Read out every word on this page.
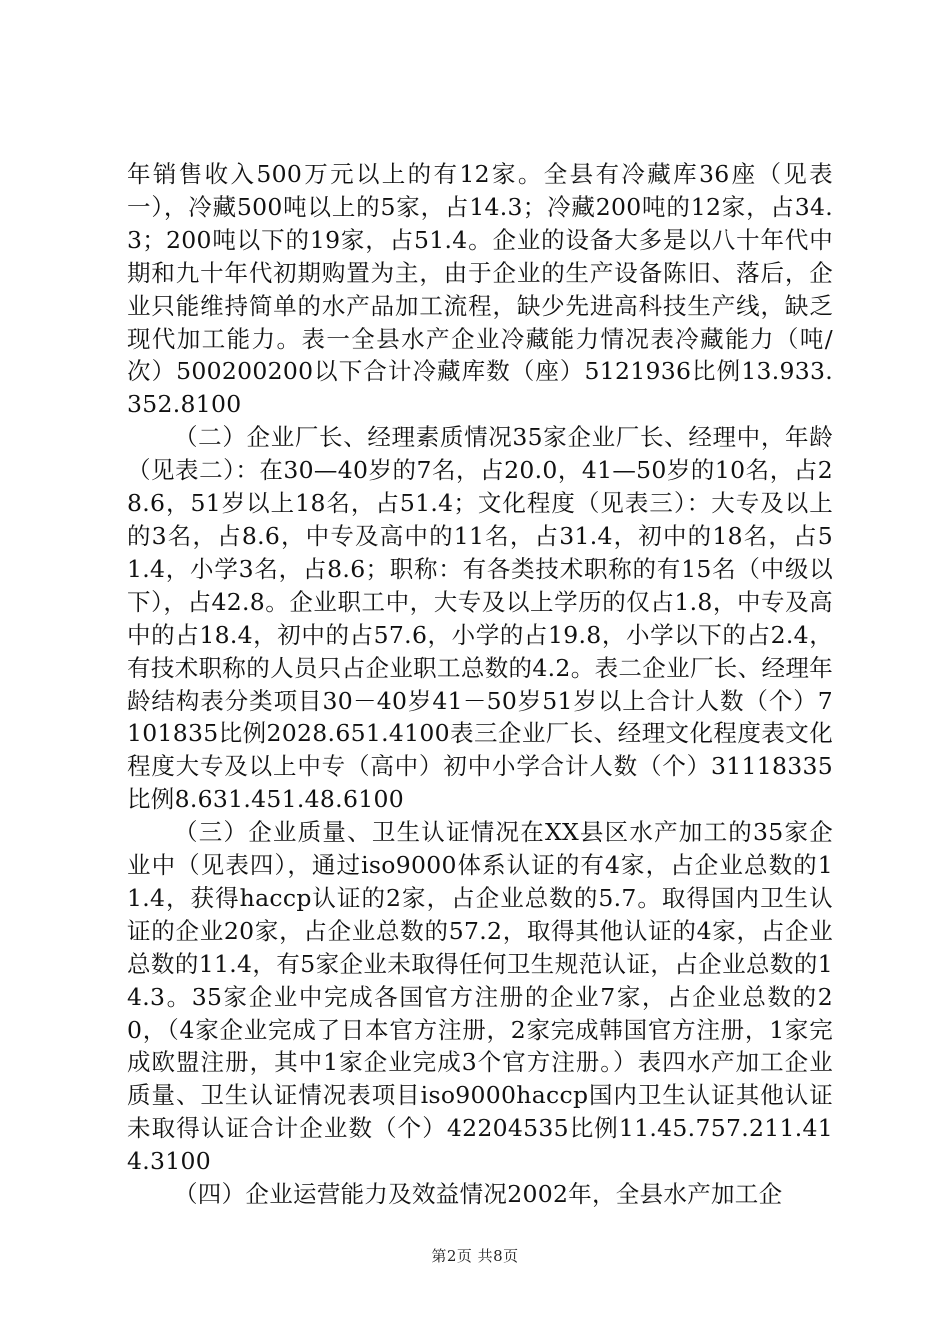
年销售收入500万元以上的有12家。全县有冷藏库36座（见表一），冷藏500吨以上的5家，占14.3；冷藏200吨的12家，占34.3；200吨以下的19家，占51.4。企业的设备大多是以八十年代中期和九十年代初期购置为主，由于企业的生产设备陈旧、落后，企业只能维持简单的水产品加工流程，缺少先进高科技生产线，缺乏现代加工能力。表一全县水产企业冷藏能力情况表冷藏能力（吨/次）500200200以下合计冷藏库数（座）5121936比例13.933.352.8100

（二）企业厂长、经理素质情况35家企业厂长、经理中，年龄（见表二）：在30—40岁的7名，占20.0，41—50岁的10名，占28.6，51岁以上18名，占51.4；文化程度（见表三）：大专及以上的3名，占8.6，中专及高中的11名，占31.4，初中的18名，占51.4，小学3名，占8.6；职称：有各类技术职称的有15名（中级以下），占42.8。企业职工中，大专及以上学历的仅占1.8，中专及高中的占18.4，初中的占57.6，小学的占19.8，小学以下的占2.4，有技术职称的人员只占企业职工总数的4.2。表二企业厂长、经理年龄结构表分类项目30－40岁41－50岁51岁以上合计人数（个）7101835比例2028.651.4100表三企业厂长、经理文化程度表文化程度大专及以上中专（高中）初中小学合计人数（个）31118335比例8.631.451.48.6100

（三）企业质量、卫生认证情况在XX县区水产加工的35家企业中（见表四），通过iso9000体系认证的有4家，占企业总数的11.4，获得haccp认证的2家，占企业总数的5.7。取得国内卫生认证的企业20家，占企业总数的57.2，取得其他认证的4家，占企业总数的11.4，有5家企业未取得任何卫生规范认证，占企业总数的14.3。35家企业中完成各国官方注册的企业7家，占企业总数的20，（4家企业完成了日本官方注册，2家完成韩国官方注册，1家完成欧盟注册，其中1家企业完成3个官方注册。）表四水产加工企业质量、卫生认证情况表项目iso9000haccp国内卫生认证其他认证未取得认证合计企业数（个）42204535比例11.45.757.211.414.3100

（四）企业运营能力及效益情况2002年，全县水产加工企

第2页 共8页
